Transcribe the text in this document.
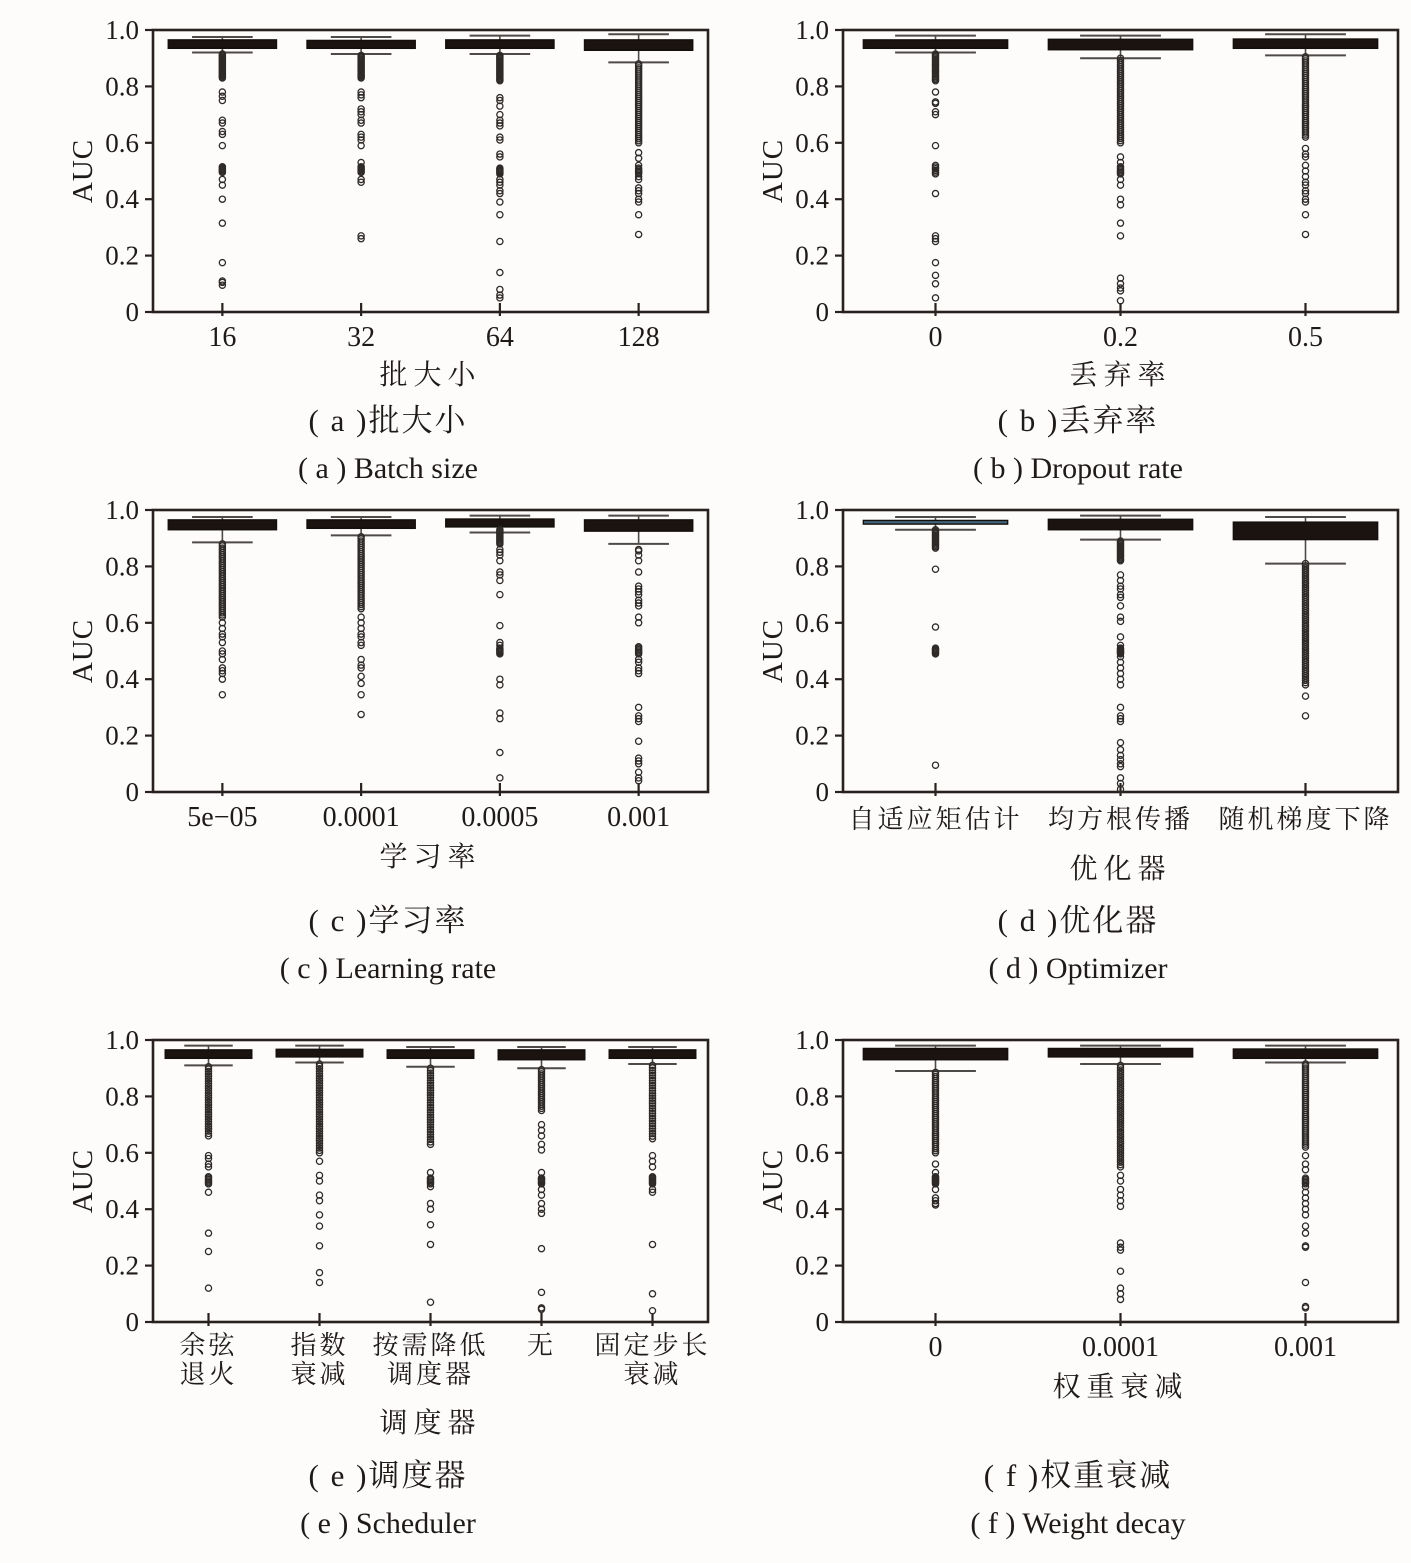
0
0.2
0.4
0.6
0.8
1.0
AUC
16	32	64	128
批大小
( a )批大小
( a ) Batch size
0
0.2
0.4
0.6
0.8
1.0
AUC
0	0.2	0.5
丢弃率
( b )丢弃率
( b ) Dropout rate
0
0.2
0.4
0.6
0.8
1.0
AUC
5e−05 0.0001 0.0005 0.001
学习率
( c )学习率
( c ) Learning rate
0
0.2
0.4
0.6
0.8
1.0
AUC
自适应矩估计 均方根传播 随机梯度下降
优化器
( d )优化器
( d ) Optimizer
0
0.2
0.4
0.6
0.8
1.0
AUC
余弦
退火
指数
衰减
按需降低
调度器
无 固定步长
衰减
调度器
( e )调度器
( e ) Scheduler
0
0.2
0.4
0.6
0.8
1.0
AUC
0	0.0001	0.001
权重衰减
( f )权重衰减
( f ) Weight decay
